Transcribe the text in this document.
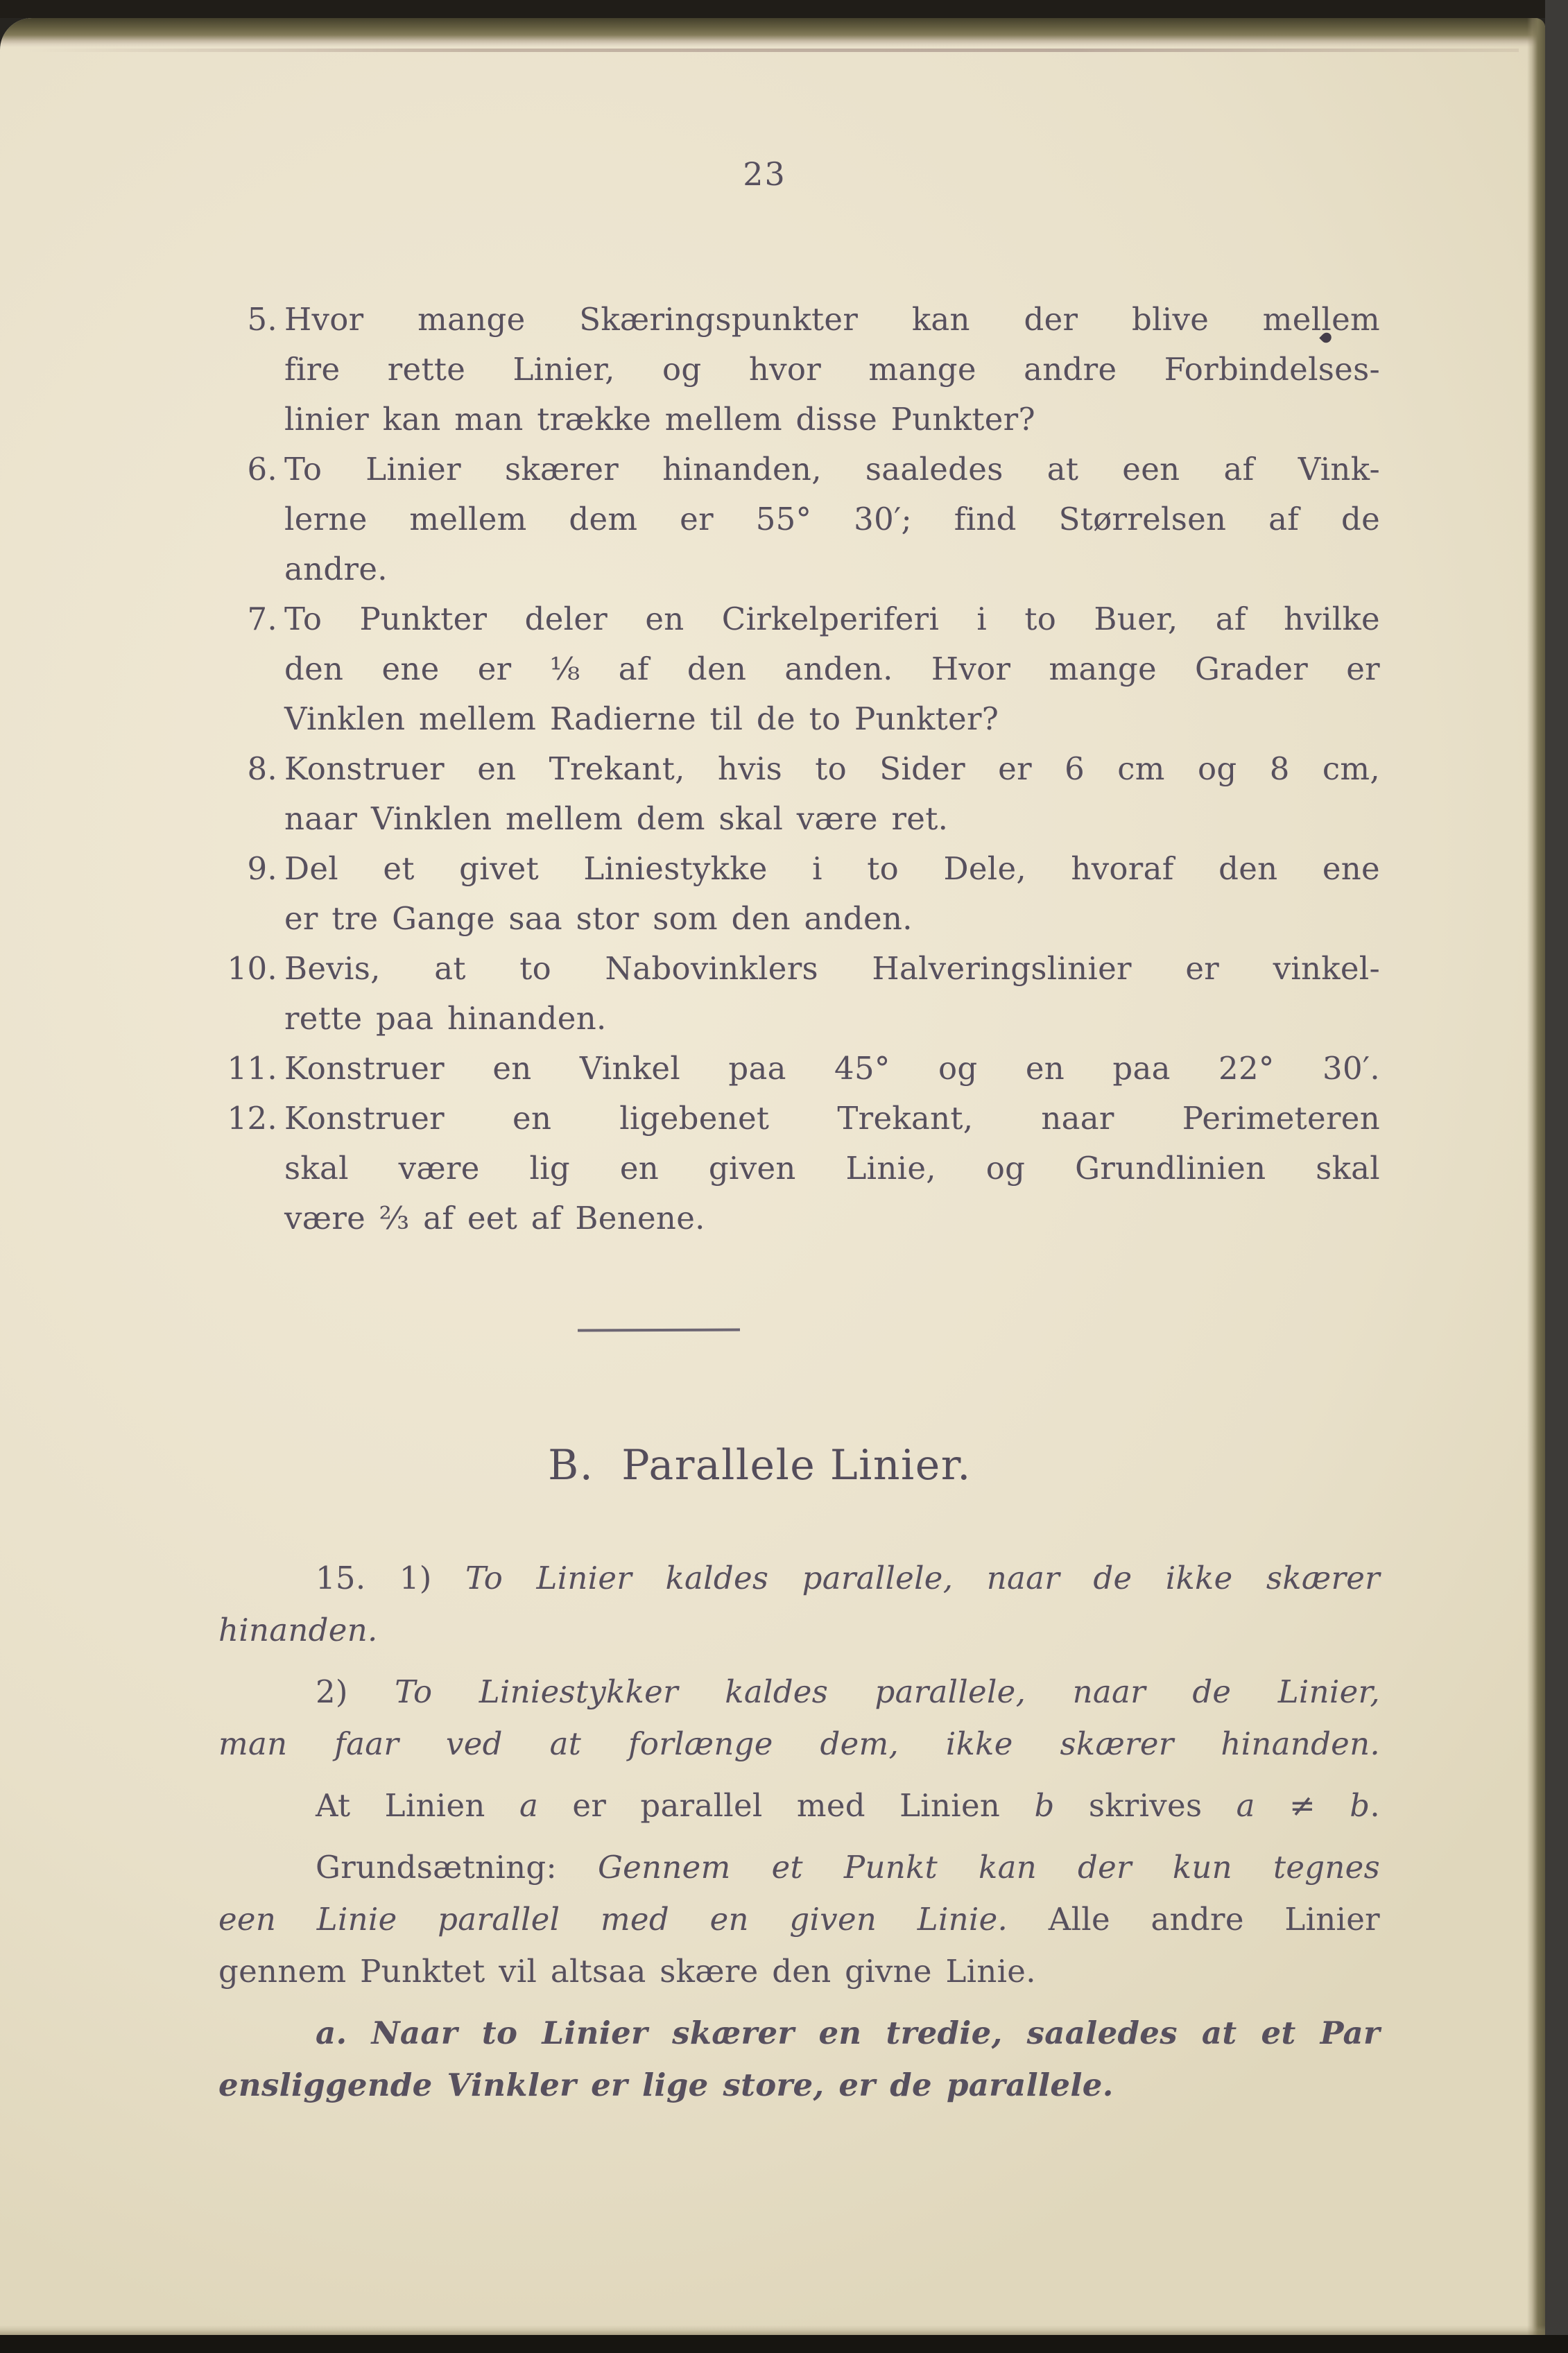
23
5. Hvor mange Skæringspunkter kan der blive mellem
fire rette Linier, og hvor mange andre Forbindelses-
linier kan man trække mellem disse Punkter?
6. To Linier skærer hinanden, saaledes at een af Vink-
lerne mellem dem er 55° 30′; find Størrelsen af de
andre.
7. To Punkter deler en Cirkelperiferi i to Buer, af hvilke
den ene er ⅛ af den anden. Hvor mange Grader er
Vinklen mellem Radierne til de to Punkter?
8. Konstruer en Trekant, hvis to Sider er 6 cm og 8 cm,
naar Vinklen mellem dem skal være ret.
9. Del et givet Liniestykke i to Dele, hvoraf den ene
er tre Gange saa stor som den anden.
10. Bevis, at to Nabovinklers Halveringslinier er vinkel-
rette paa hinanden.
11. Konstruer en Vinkel paa 45° og en paa 22° 30′.
12. Konstruer en ligebenet Trekant, naar Perimeteren
skal være lig en given Linie, og Grundlinien skal
være ⅔ af eet af Benene.
B. Parallele Linier.
15. 1) To Linier kaldes parallele, naar de ikke skærer
hinanden.
2) To Liniestykker kaldes parallele, naar de Linier,
man faar ved at forlænge dem, ikke skærer hinanden.
At Linien a er parallel med Linien b skrives a ≠ b.
Grundsætning: Gennem et Punkt kan der kun tegnes
een Linie parallel med en given Linie. Alle andre Linier
gennem Punktet vil altsaa skære den givne Linie.
a. Naar to Linier skærer en tredie, saaledes at et Par
ensliggende Vinkler er lige store, er de parallele.
